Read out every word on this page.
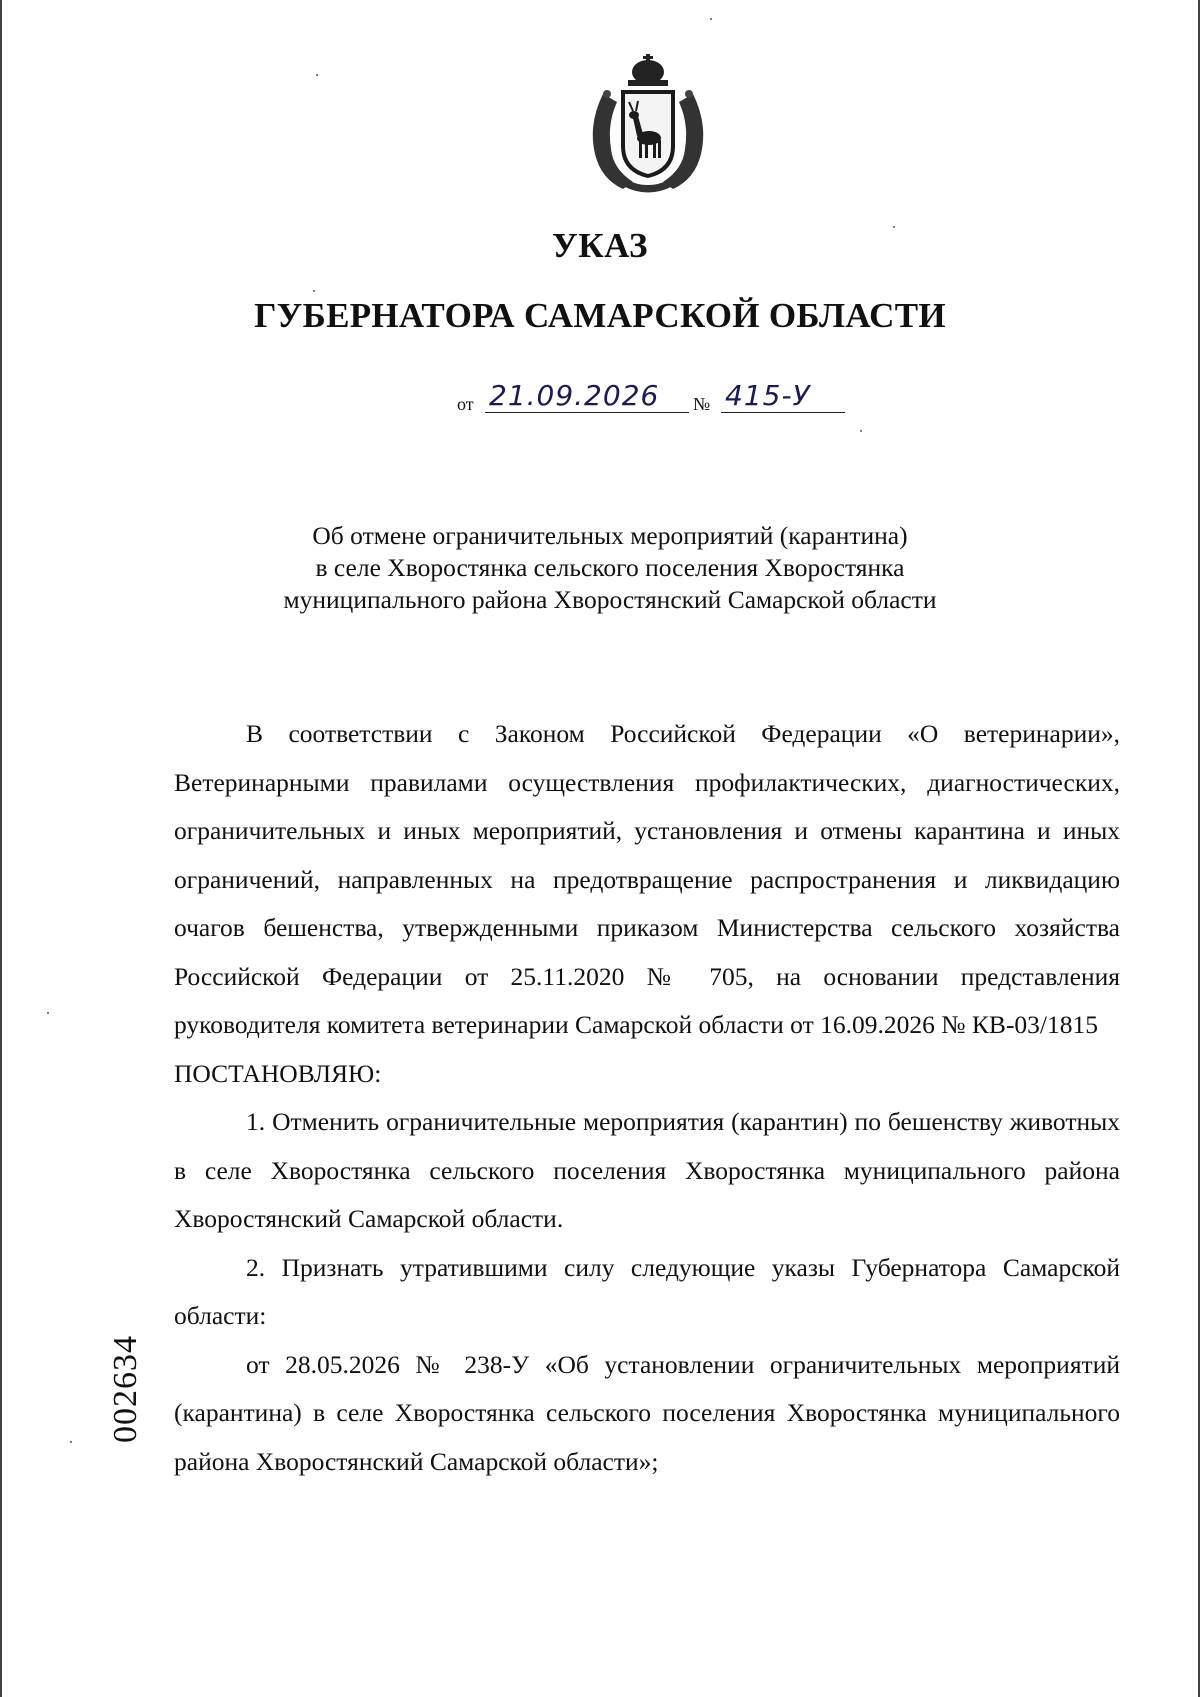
УКАЗ
ГУБЕРНАТОРА САМАРСКОЙ ОБЛАСТИ
от 21.09.2026	№ 415-У
Об отмене ограничительных мероприятий (карантина)
в селе Хворостянка сельского поселения Хворостянка
муниципального района Хворостянский Самарской области

В соответствии с Законом Российской Федерации «О ветеринарии», Ветеринарными правилами осуществления профилактических, диагностических, ограничительных и иных мероприятий, установления и отмены карантина и иных ограничений, направленных на предотвращение распространения и ликвидацию очагов бешенства, утвержденными приказом Министерства сельского хозяйства Российской Федерации от 25.11.2020 № 705, на основании представления руководителя комитета ветеринарии Самарской области от 16.09.2026 № КВ-03/1815

ПОСТАНОВЛЯЮ:

1. Отменить ограничительные мероприятия (карантин) по бешенству животных в селе Хворостянка сельского поселения Хворостянка муниципального района Хворостянский Самарской области.

2. Признать утратившими силу следующие указы Губернатора Самарской области:

от 28.05.2026 № 238-У «Об установлении ограничительных мероприятий (карантина) в селе Хворостянка сельского поселения Хворостянка муниципального района Хворостянский Самарской области»;

002634
